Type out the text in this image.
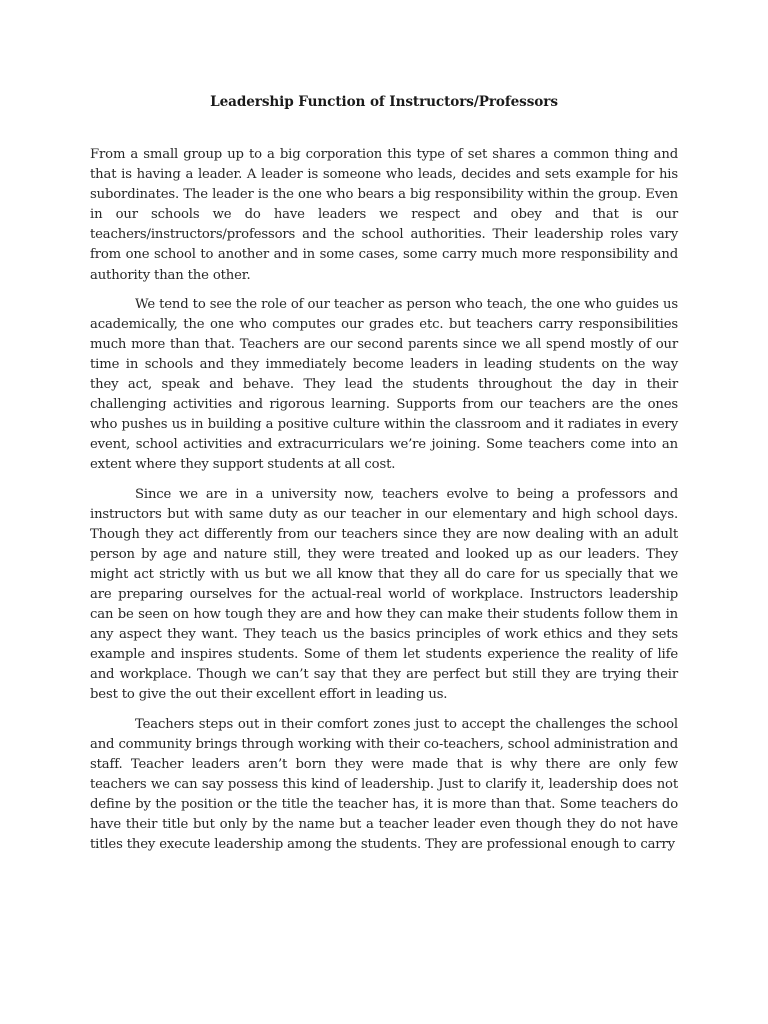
Leadership Function of Instructors/Professors

From a small group up to a big corporation this type of set shares a common thing and that is having a leader. A leader is someone who leads, decides and sets example for his subordinates. The leader is the one who bears a big responsibility within the group. Even in our schools we do have leaders we respect and obey and that is our teachers/instructors/professors and the school authorities. Their leadership roles vary from one school to another and in some cases, some carry much more responsibility and authority than the other.

We tend to see the role of our teacher as person who teach, the one who guides us academically, the one who computes our grades etc. but teachers carry responsibilities much more than that. Teachers are our second parents since we all spend mostly of our time in schools and they immediately become leaders in leading students on the way they act, speak and behave. They lead the students throughout the day in their challenging activities and rigorous learning. Supports from our teachers are the ones who pushes us in building a positive culture within the classroom and it radiates in every event, school activities and extracurriculars we’re joining. Some teachers come into an extent where they support students at all cost.

Since we are in a university now, teachers evolve to being a professors and instructors but with same duty as our teacher in our elementary and high school days. Though they act differently from our teachers since they are now dealing with an adult person by age and nature still, they were treated and looked up as our leaders. They might act strictly with us but we all know that they all do care for us specially that we are preparing ourselves for the actual-real world of workplace. Instructors leadership can be seen on how tough they are and how they can make their students follow them in any aspect they want. They teach us the basics principles of work ethics and they sets example and inspires students. Some of them let students experience the reality of life and workplace. Though we can’t say that they are perfect but still they are trying their best to give the out their excellent effort in leading us.

Teachers steps out in their comfort zones just to accept the challenges the school and community brings through working with their co-teachers, school administration and staff. Teacher leaders aren’t born they were made that is why there are only few teachers we can say possess this kind of leadership. Just to clarify it, leadership does not define by the position or the title the teacher has, it is more than that. Some teachers do have their title but only by the name but a teacher leader even though they do not have titles they execute leadership among the students. They are professional enough to carry
